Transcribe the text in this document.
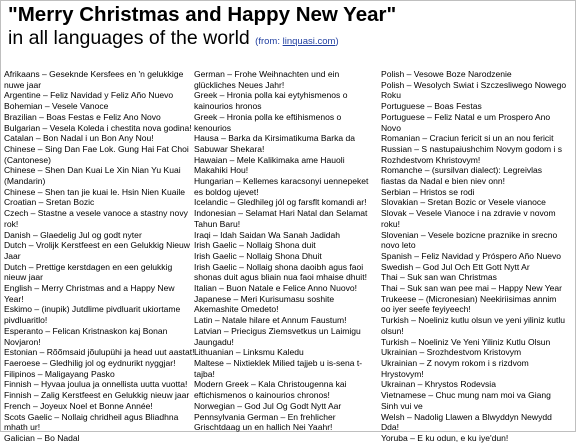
"Merry Christmas and Happy New Year"
in all languages of the world (from: linquasi.com)
Afrikaans – Geseknde Kersfees en 'n gelukkige nuwe jaar
Argentine – Feliz Navidad y Feliz Año Nuevo
Bohemian – Vesele Vanoce
Brazilian – Boas Festas e Feliz Ano Novo
Bulgarian – Vesela Koleda i chestita nova godina!
Catalan – Bon Nadal i un Bon Any Nou!
Chinese – Sing Dan Fae Lok. Gung Hai Fat Choi (Cantonese)
Chinese – Shen Dan Kuai Le Xin Nian Yu Kuai (Mandarin)
Chinese – Shen tan jie kuai le. Hsin Nien Kuaile
Croatian – Sretan Bozic
Czech – Stastne a vesele vanoce a stastny novy rok!
Danish – Glaedelig Jul og godt nyter
Dutch – Vrolijk Kerstfeest en een Gelukkig Nieuw Jaar
Dutch – Prettige kerstdagen en een gelukkig nieuw jaar
English – Merry Christmas and a Happy New Year!
Eskimo – (inupik) Jutdlime pivdluarit ukiortame pivdluaritlo!
Esperanto – Felican Kristnaskon kaj Bonan Novjaron!
Estonian – Rõõmsaid jõulupühi ja head uut aastat!
Faeroese – Gledhilig jol og eydnurikt nyggjar!
Filipinos – Maligayang Pasko
Finnish – Hyvaa joulua ja onnellista uutta vuotta!
Finnish – Zalig Kerstfeest en Gelukkig nieuw jaar
French – Joyeux Noel et Bonne Année!
Scots Gaelic – Nollaig chridheil agus Bliadhna mhath ur!
Galician – Bo Nadal
German – Frohe Weihnachten und ein glückliches Neues Jahr!
Greek – Hronia polla kai eytyhismenos o kainourios hronos
Greek – Hronia polla ke eftihismenos o kenourios
Hausa – Barka da Kirsimatikuma Barka da Sabuwar Shekara!
Hawaian – Mele Kalikimaka ame Hauoli Makahiki Hou!
Hungarian – Kellemes karacsonyi uennepeket es boldog ujevet!
Icelandic – Gledhileg jól og farsflt komandi ar!
Indonesian – Selamat Hari Natal dan Selamat Tahun Baru!
Iraqi – Idah Saidan Wa Sanah Jadidah
Irish Gaelic – Nollaig Shona duit
Irish Gaelic – Nollaig Shona Dhuit
Irish Gaelic – Nollaig shona daoibh agus faoi shonas duit agus bliain nua faoi mhaise dhuit!
Italian – Buon Natale e Felice Anno Nuovo!
Japanese – Meri Kurisumasu soshite Akemashite Omedeto!
Latin – Natale hilare et Annum Faustum!
Latvian – Priecigus Ziemsvetkus un Laimigu Jaungadu!
Lithuanian – Linksmu Kaledu
Maltese – Nixtieklek Milied tajjeb u is-sena t-tajba!
Modern Greek – Kala Christougenna kai eftichismenos o kainourios chronos!
Norwegian – God Jul Og Godt Nytt Aar
Pennsylvania German – En frehlicher Grischtdaag un en hallich Nei Yaahr!
Polish – Vesowe Boze Narodzenie
Polish – Wesolych Swiat i Szczesliwego Nowego Roku
Portuguese – Boas Festas
Portuguese – Feliz Natal e um Prospero Ano Novo
Romanian – Craciun fericit si un an nou fericit
Russian – S nastupaiushchim Novym godom i s Rozhdestvom Khristovym!
Romanche – (sursilvan dialect): Legreivlas fiastas da Nadal e bien niev onn!
Serbian – Hristos se rodi
Slovakian – Sretan Bozic or Vesele vianoce
Slovak – Vesele Vianoce i na zdravie v novom roku!
Slovenian – Vesele bozicne praznike in srecno novo leto
Spanish – Feliz Navidad y Próspero Año Nuevo
Swedish – God Jul Och Ett Gott Nytt Ar
Thai – Suk san wan Christmas
Thai – Suk san wan pee mai – Happy New Year
Trukeese – (Micronesian) Neekiriisimas annim oo iyer seefe feyiyeech!
Turkish – Noeliniz kutlu olsun ve yeni yiliniz kutlu olsun!
Turkish – Noeliniz Ve Yeni Yiliniz Kutlu Olsun
Ukrainian – Srozhdestvom Kristovym
Ukrainian – Z novym rokom i s rizdvom Hrystovym!
Ukrainan – Khrystos Rodevsia
Vietnamese – Chuc mung nam moi va Giang Sinh vui ve
Welsh – Nadolig Llawen a Blwyddyn Newydd Dda!
Yoruba – E ku odun, e ku iye'dun!
